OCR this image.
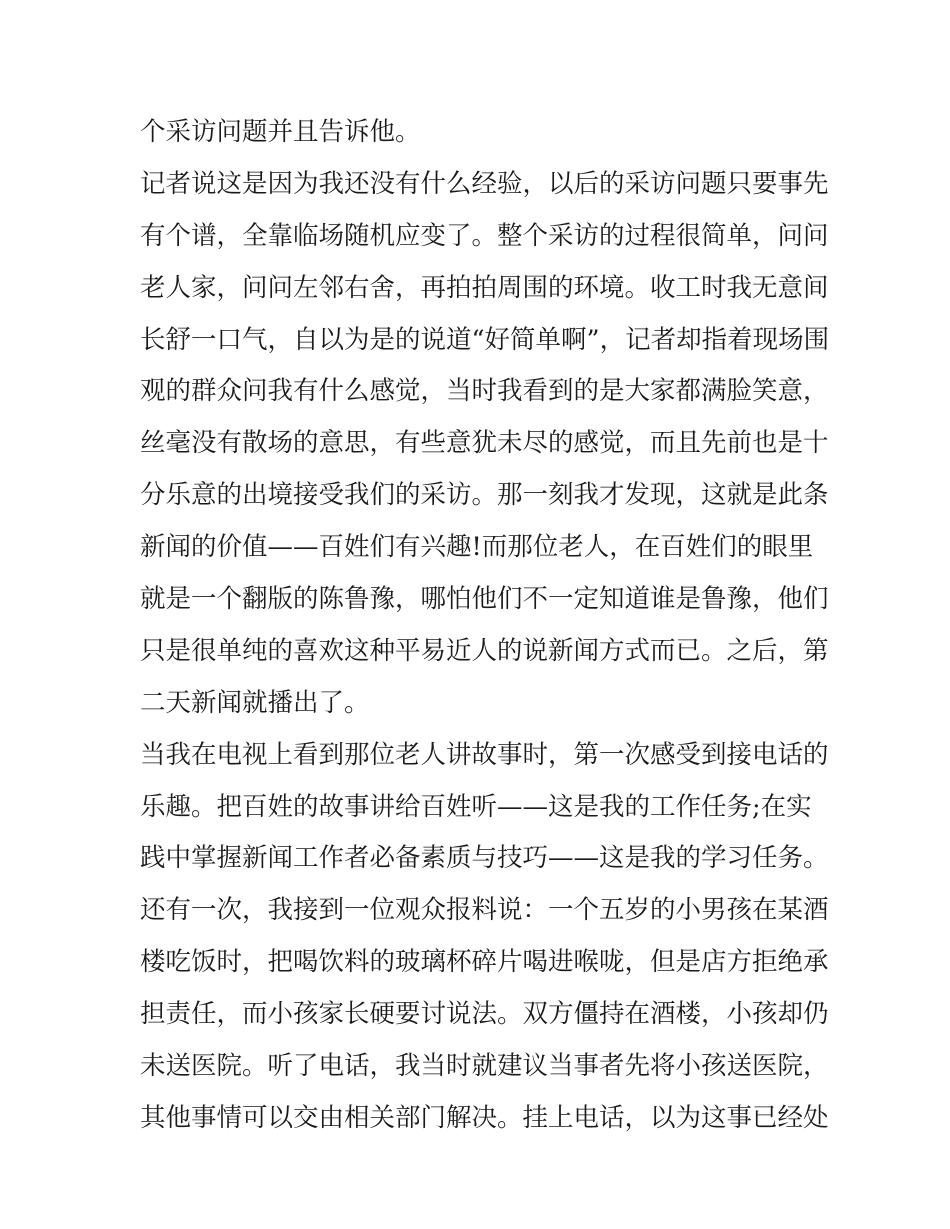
个采访问题并且告诉他。
记者说这是因为我还没有什么经验，以后的采访问题只要事先
有个谱，全靠临场随机应变了。整个采访的过程很简单，问问
老人家，问问左邻右舍，再拍拍周围的环境。收工时我无意间
长舒一口气，自以为是的说道“好简单啊”，记者却指着现场围
观的群众问我有什么感觉，当时我看到的是大家都满脸笑意，
丝毫没有散场的意思，有些意犹未尽的感觉，而且先前也是十
分乐意的出境接受我们的采访。那一刻我才发现，这就是此条
新闻的价值——百姓们有兴趣!而那位老人，在百姓们的眼里
就是一个翻版的陈鲁豫，哪怕他们不一定知道谁是鲁豫，他们
只是很单纯的喜欢这种平易近人的说新闻方式而已。之后，第
二天新闻就播出了。
当我在电视上看到那位老人讲故事时，第一次感受到接电话的
乐趣。把百姓的故事讲给百姓听——这是我的工作任务;在实
践中掌握新闻工作者必备素质与技巧——这是我的学习任务。
还有一次，我接到一位观众报料说：一个五岁的小男孩在某酒
楼吃饭时，把喝饮料的玻璃杯碎片喝进喉咙，但是店方拒绝承
担责任，而小孩家长硬要讨说法。双方僵持在酒楼，小孩却仍
未送医院。听了电话，我当时就建议当事者先将小孩送医院，
其他事情可以交由相关部门解决。挂上电话，以为这事已经处
